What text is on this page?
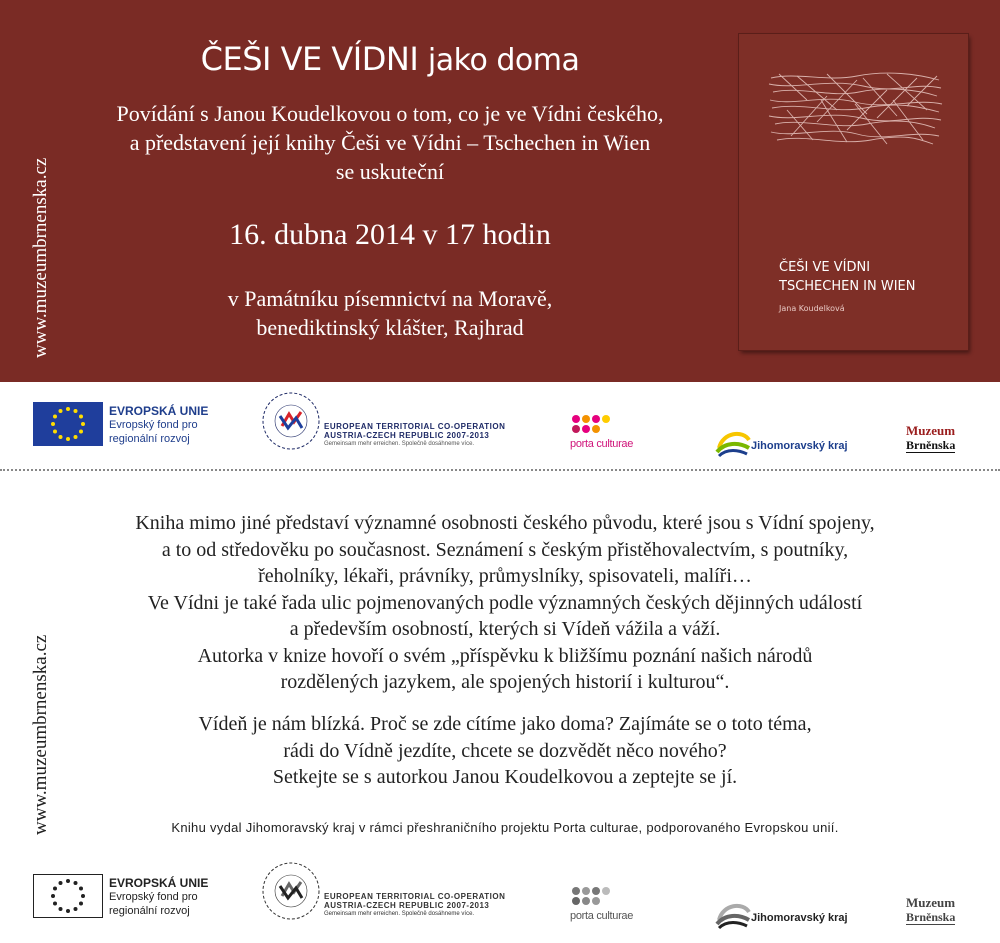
www.muzeumbrnenska.cz
ČEŠI VE VÍDNI jako doma
Povídání s Janou Koudelkovou o tom, co je ve Vídni českého,
a představení její knihy Češi ve Vídni – Tschechen in Wien
se uskuteční
16. dubna 2014 v 17 hodin
v Památníku písemnictví na Moravě,
benediktinský klášter, Rajhrad
ČEŠI VE VÍDNI
TSCHECHEN IN WIEN
Jana Koudelková
EVROPSKÁ UNIE
Evropský fond pro
regionální rozvoj
EUROPEAN TERRITORIAL CO-OPERATION
AUSTRIA-CZECH REPUBLIC 2007-2013
Gemeinsam mehr erreichen. Společně dosáhneme více.	porta culturae	Jihomoravský kraj
Muzeum
Brněnska
www.muzeumbrnenska.cz
Kniha mimo jiné představí významné osobnosti českého původu, které jsou s Vídní spojeny,
a to od středověku po současnost. Seznámení s českým přistěhovalectvím, s poutníky,
řeholníky, lékaři, právníky, průmyslníky, spisovateli, malíři…
Ve Vídni je také řada ulic pojmenovaných podle významných českých dějinných událostí
a především osobností, kterých si Vídeň vážila a váží.
Autorka v knize hovoří o svém „příspěvku k bližšímu poznání našich národů
rozdělených jazykem, ale spojených historií i kulturou“.
Vídeň je nám blízká. Proč se zde cítíme jako doma? Zajímáte se o toto téma,
rádi do Vídně jezdíte, chcete se dozvědět něco nového?
Setkejte se s autorkou Janou Koudelkovou a zeptejte se jí.
Knihu vydal Jihomoravský kraj v rámci přeshraničního projektu Porta culturae, podporovaného Evropskou unií.
EVROPSKÁ UNIE
Evropský fond pro
regionální rozvoj
EUROPEAN TERRITORIAL CO-OPERATION
AUSTRIA-CZECH REPUBLIC 2007-2013
Gemeinsam mehr erreichen. Společně dosáhneme více.	porta culturae	Jihomoravský kraj
Muzeum
Brněnska
